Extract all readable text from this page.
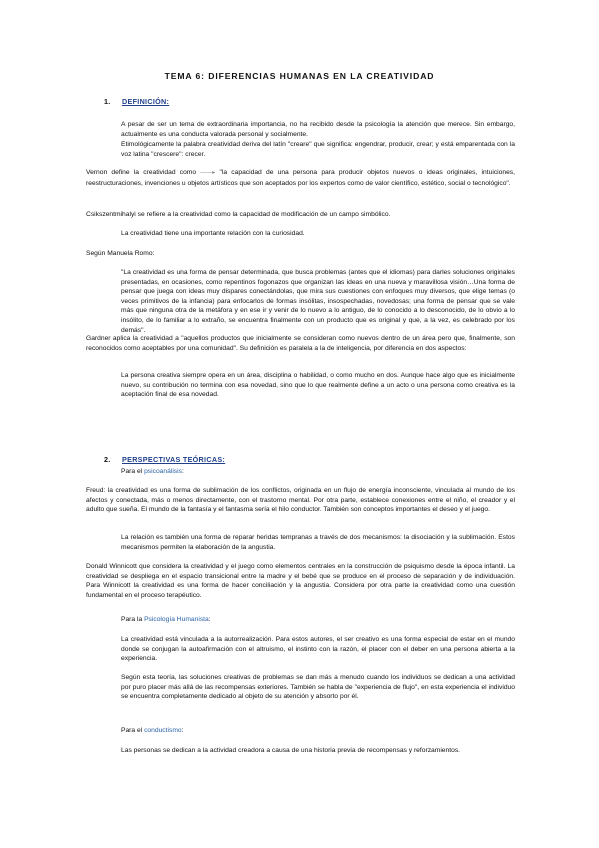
TEMA 6: DIFERENCIAS HUMANAS EN LA CREATIVIDAD
1. DEFINICIÓN:

A pesar de ser un tema de extraordinaria importancia, no ha recibido desde la psicología la atención que merece. Sin embargo, actualmente es una conducta valorada personal y socialmente.

Etimológicamente la palabra creatividad deriva del latín "creare" que significa: engendrar, producir, crear; y está emparentada con la voz latina "crescere": crecer.

Vernon define la creatividad como ——▸ "la capacidad de una persona para producir objetos nuevos o ideas originales, intuiciones, reestructuraciones, invenciones u objetos artísticos que son aceptados por los expertos como de valor científico, estético, social o tecnológico".

Csikszentmihalyi se refiere a la creatividad como la capacidad de modificación de un campo simbólico.

La creatividad tiene una importante relación con la curiosidad.

Según Manuela Romo:

"La creatividad es una forma de pensar determinada, que busca problemas (antes que el idiomas) para darles soluciones originales presentadas, en ocasiones, como repentinos fogonazos que organizan las ideas en una nueva y maravillosa visión…Una forma de pensar que juega con ideas muy dispares conectándolas, que mira sus cuestiones con enfoques muy diversos, que elige temas (o veces primitivos de la infancia) para enfocarlos de formas insólitas, insospechadas, novedosas; una forma de pensar que se vale más que ninguna otra de la metáfora y en ese ir y venir de lo nuevo a lo antiguo, de lo conocido a lo desconocido, de lo obvio a lo insólito, de lo familiar a lo extraño, se encuentra finalmente con un producto que es original y que, a la vez, es celebrado por los demás".

Gardner aplica la creatividad a "aquellos productos que inicialmente se consideran como nuevos dentro de un área pero que, finalmente, son reconocidos como aceptables por una comunidad". Su definición es paralela a la de inteligencia, por diferencia en dos aspectos:

La persona creativa siempre opera en un área, disciplina o habilidad, o como mucho en dos. Aunque hace algo que es inicialmente nuevo, su contribución no termina con esa novedad, sino que lo que realmente define a un acto o una persona como creativa es la aceptación final de esa novedad.

2. PERSPECTIVAS TEÓRICAS:
Para el psicoanálisis:

Freud: la creatividad es una forma de sublimación de los conflictos, originada en un flujo de energía inconsciente, vinculada al mundo de los afectos y conectada, más o menos directamente, con el trastorno mental. Por otra parte, establece conexiones entre el niño, el creador y el adulto que sueña. El mundo de la fantasía y el fantasma sería el hilo conductor. También son conceptos importantes el deseo y el juego.

La relación es también una forma de reparar heridas tempranas a través de dos mecanismos: la disociación y la sublimación. Estos mecanismos permiten la elaboración de la angustia.

Donald Winnicott que considera la creatividad y el juego como elementos centrales en la construcción de psiquismo desde la época infantil. La creatividad se despliega en el espacio transicional entre la madre y el bebé que se produce en el proceso de separación y de individuación. Para Winnicott la creatividad es una forma de hacer conciliación y la angustia. Considera por otra parte la creatividad como una cuestión fundamental en el proceso terapéutico.

Para la Psicología Humanista:

La creatividad está vinculada a la autorrealización. Para estos autores, el ser creativo es una forma especial de estar en el mundo donde se conjugan la autoafirmación con el altruismo, el instinto con la razón, el placer con el deber en una persona abierta a la experiencia.

Según esta teoría, las soluciones creativas de problemas se dan más a menudo cuando los individuos se dedican a una actividad por puro placer más allá de las recompensas exteriores. También se habla de "experiencia de flujo", en esta experiencia el individuo se encuentra completamente dedicado al objeto de su atención y absorto por él.

Para el conductismo:

Las personas se dedican a la actividad creadora a causa de una historia previa de recompensas y reforzamientos.
